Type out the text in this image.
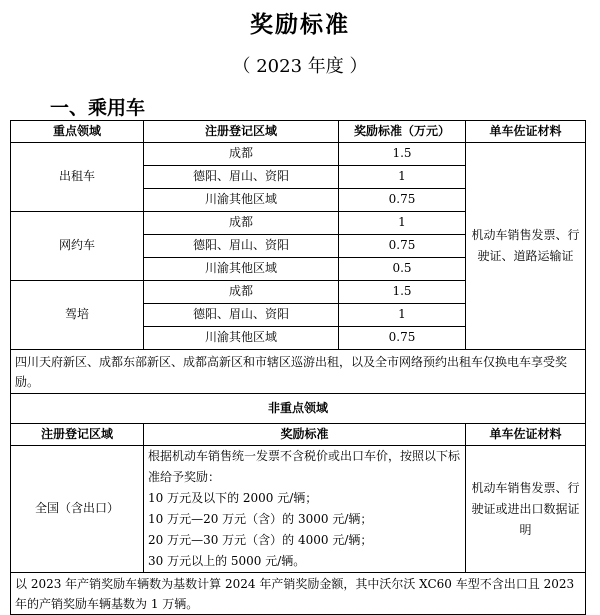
奖励标准
（ 2023 年度 ）
一、乘用车
重点领域	注册登记区域	奖励标准（万元）	单车佐证材料
出租车	成都	1.5	机动车销售发票、行驶证、道路运输证
	德阳、眉山、资阳	1	
	川渝其他区域	0.75	
网约车	成都	1	
	德阳、眉山、资阳	0.75	
	川渝其他区域	0.5	
驾培	成都	1.5	
	德阳、眉山、资阳	1	
	川渝其他区域	0.75	
四川天府新区、成都东部新区、成都高新区和市辖区巡游出租，以及全市网络预约出租车仅换电车享受奖励。			
非重点领域			
注册登记区域	奖励标准		单车佐证材料
全国（含出口）	根据机动车销售统一发票不含税价或出口车价，按照以下标准给予奖励：
10 万元及以下的 2000 元/辆；
10 万元—20 万元（含）的 3000 元/辆；
20 万元—30 万元（含）的 4000 元/辆；
30 万元以上的 5000 元/辆。		机动车销售发票、行驶证或进出口数据证明
以 2023 年产销奖励车辆数为基数计算 2024 年产销奖励金额，其中沃尔沃 XC60 车型不含出口且 2023 年的产销奖励车辆基数为 1 万辆。			
